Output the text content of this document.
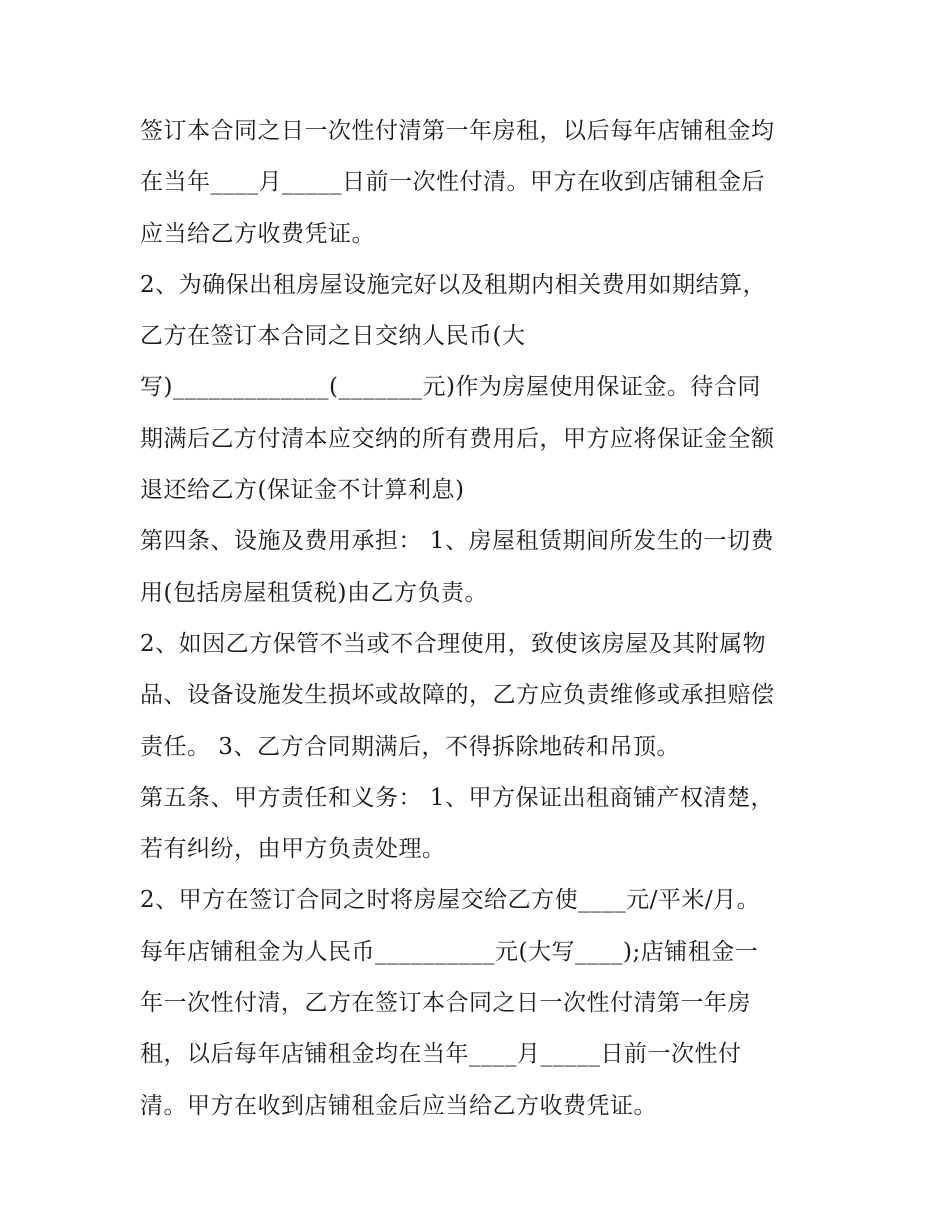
签订本合同之日一次性付清第一年房租，以后每年店铺租金均
在当年____月_____日前一次性付清。甲方在收到店铺租金后
应当给乙方收费凭证。
2、为确保出租房屋设施完好以及租期内相关费用如期结算，
乙方在签订本合同之日交纳人民币(大
写)_____________(_______元)作为房屋使用保证金。待合同
期满后乙方付清本应交纳的所有费用后，甲方应将保证金全额
退还给乙方(保证金不计算利息)
第四条、设施及费用承担： 1、房屋租赁期间所发生的一切费
用(包括房屋租赁税)由乙方负责。
2、如因乙方保管不当或不合理使用，致使该房屋及其附属物
品、设备设施发生损坏或故障的，乙方应负责维修或承担赔偿
责任。 3、乙方合同期满后，不得拆除地砖和吊顶。
第五条、甲方责任和义务： 1、甲方保证出租商铺产权清楚，
若有纠纷，由甲方负责处理。
2、甲方在签订合同之时将房屋交给乙方使____元/平米/月。
每年店铺租金为人民币__________元(大写____);店铺租金一
年一次性付清，乙方在签订本合同之日一次性付清第一年房
租，以后每年店铺租金均在当年____月_____日前一次性付
清。甲方在收到店铺租金后应当给乙方收费凭证。
